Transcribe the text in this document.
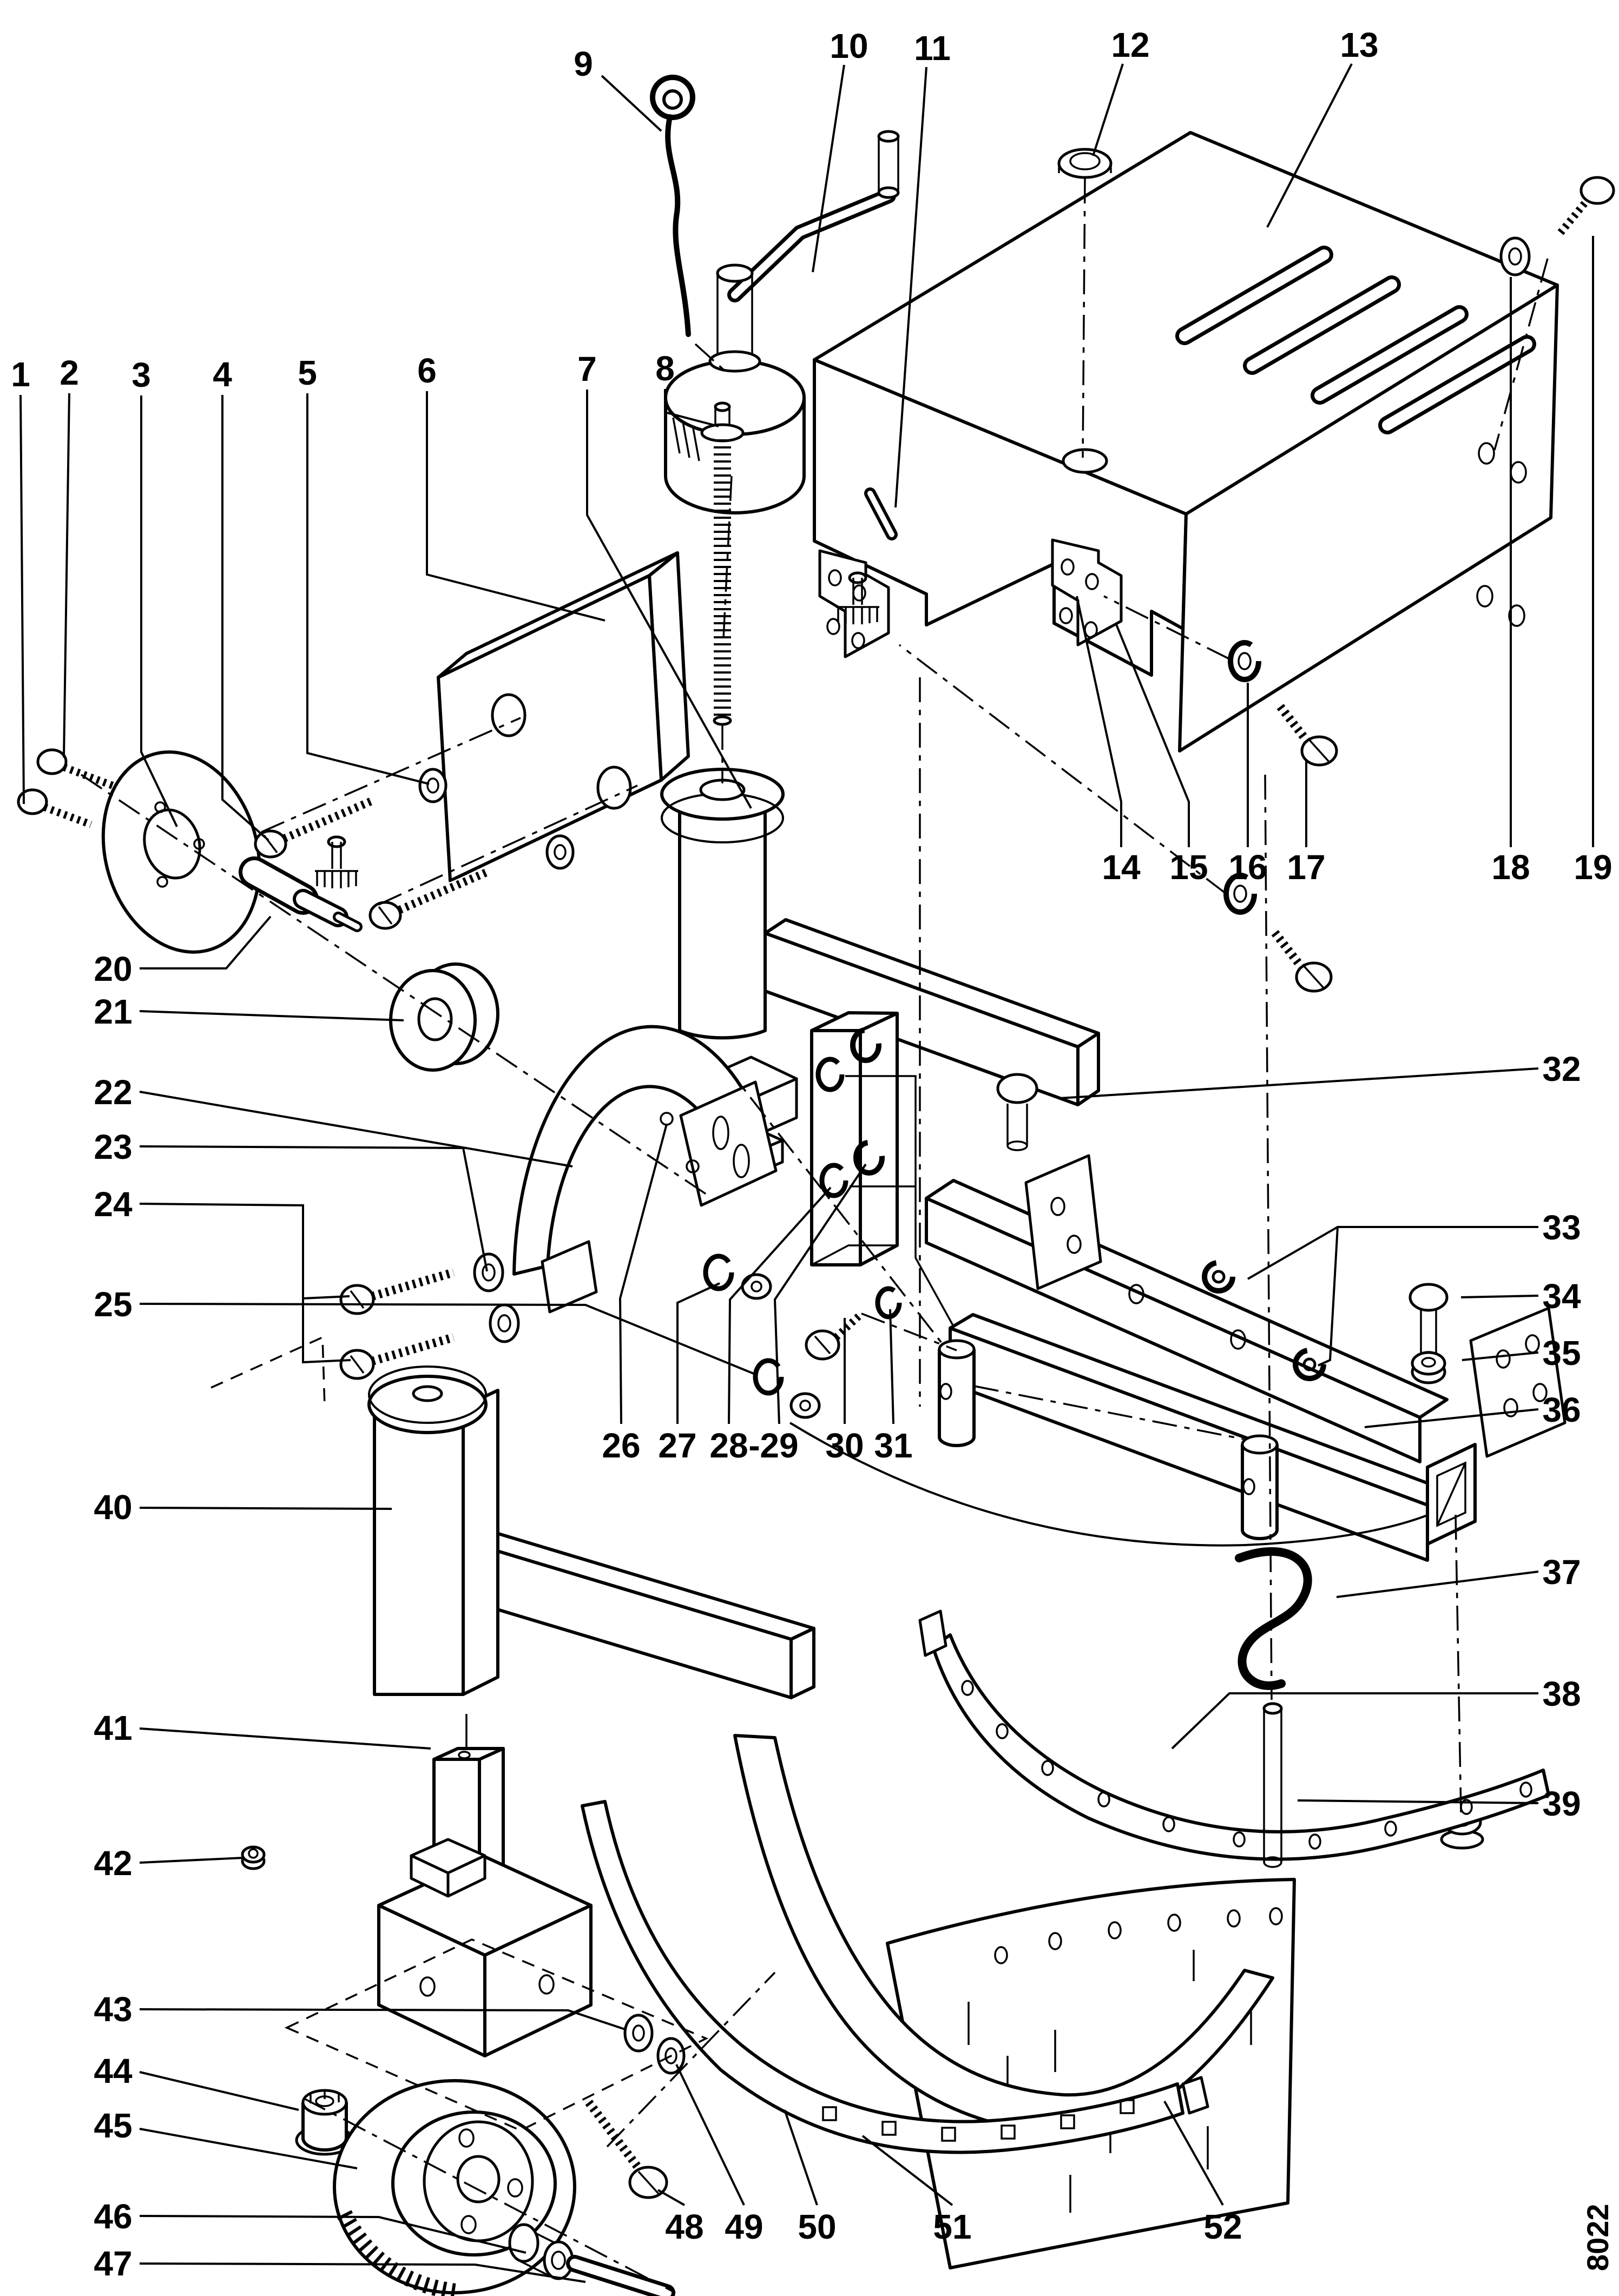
8022
1 2 3 4 5	6	7 8
9	10 11	12	13
14 15 16 17	18 19
20
21
22
23
24
25
26 27 28 29
- 30 31
32
33
34
35
36
37
38
39
40
41
42
43
44
45
46
47
48 49 50	51	52
